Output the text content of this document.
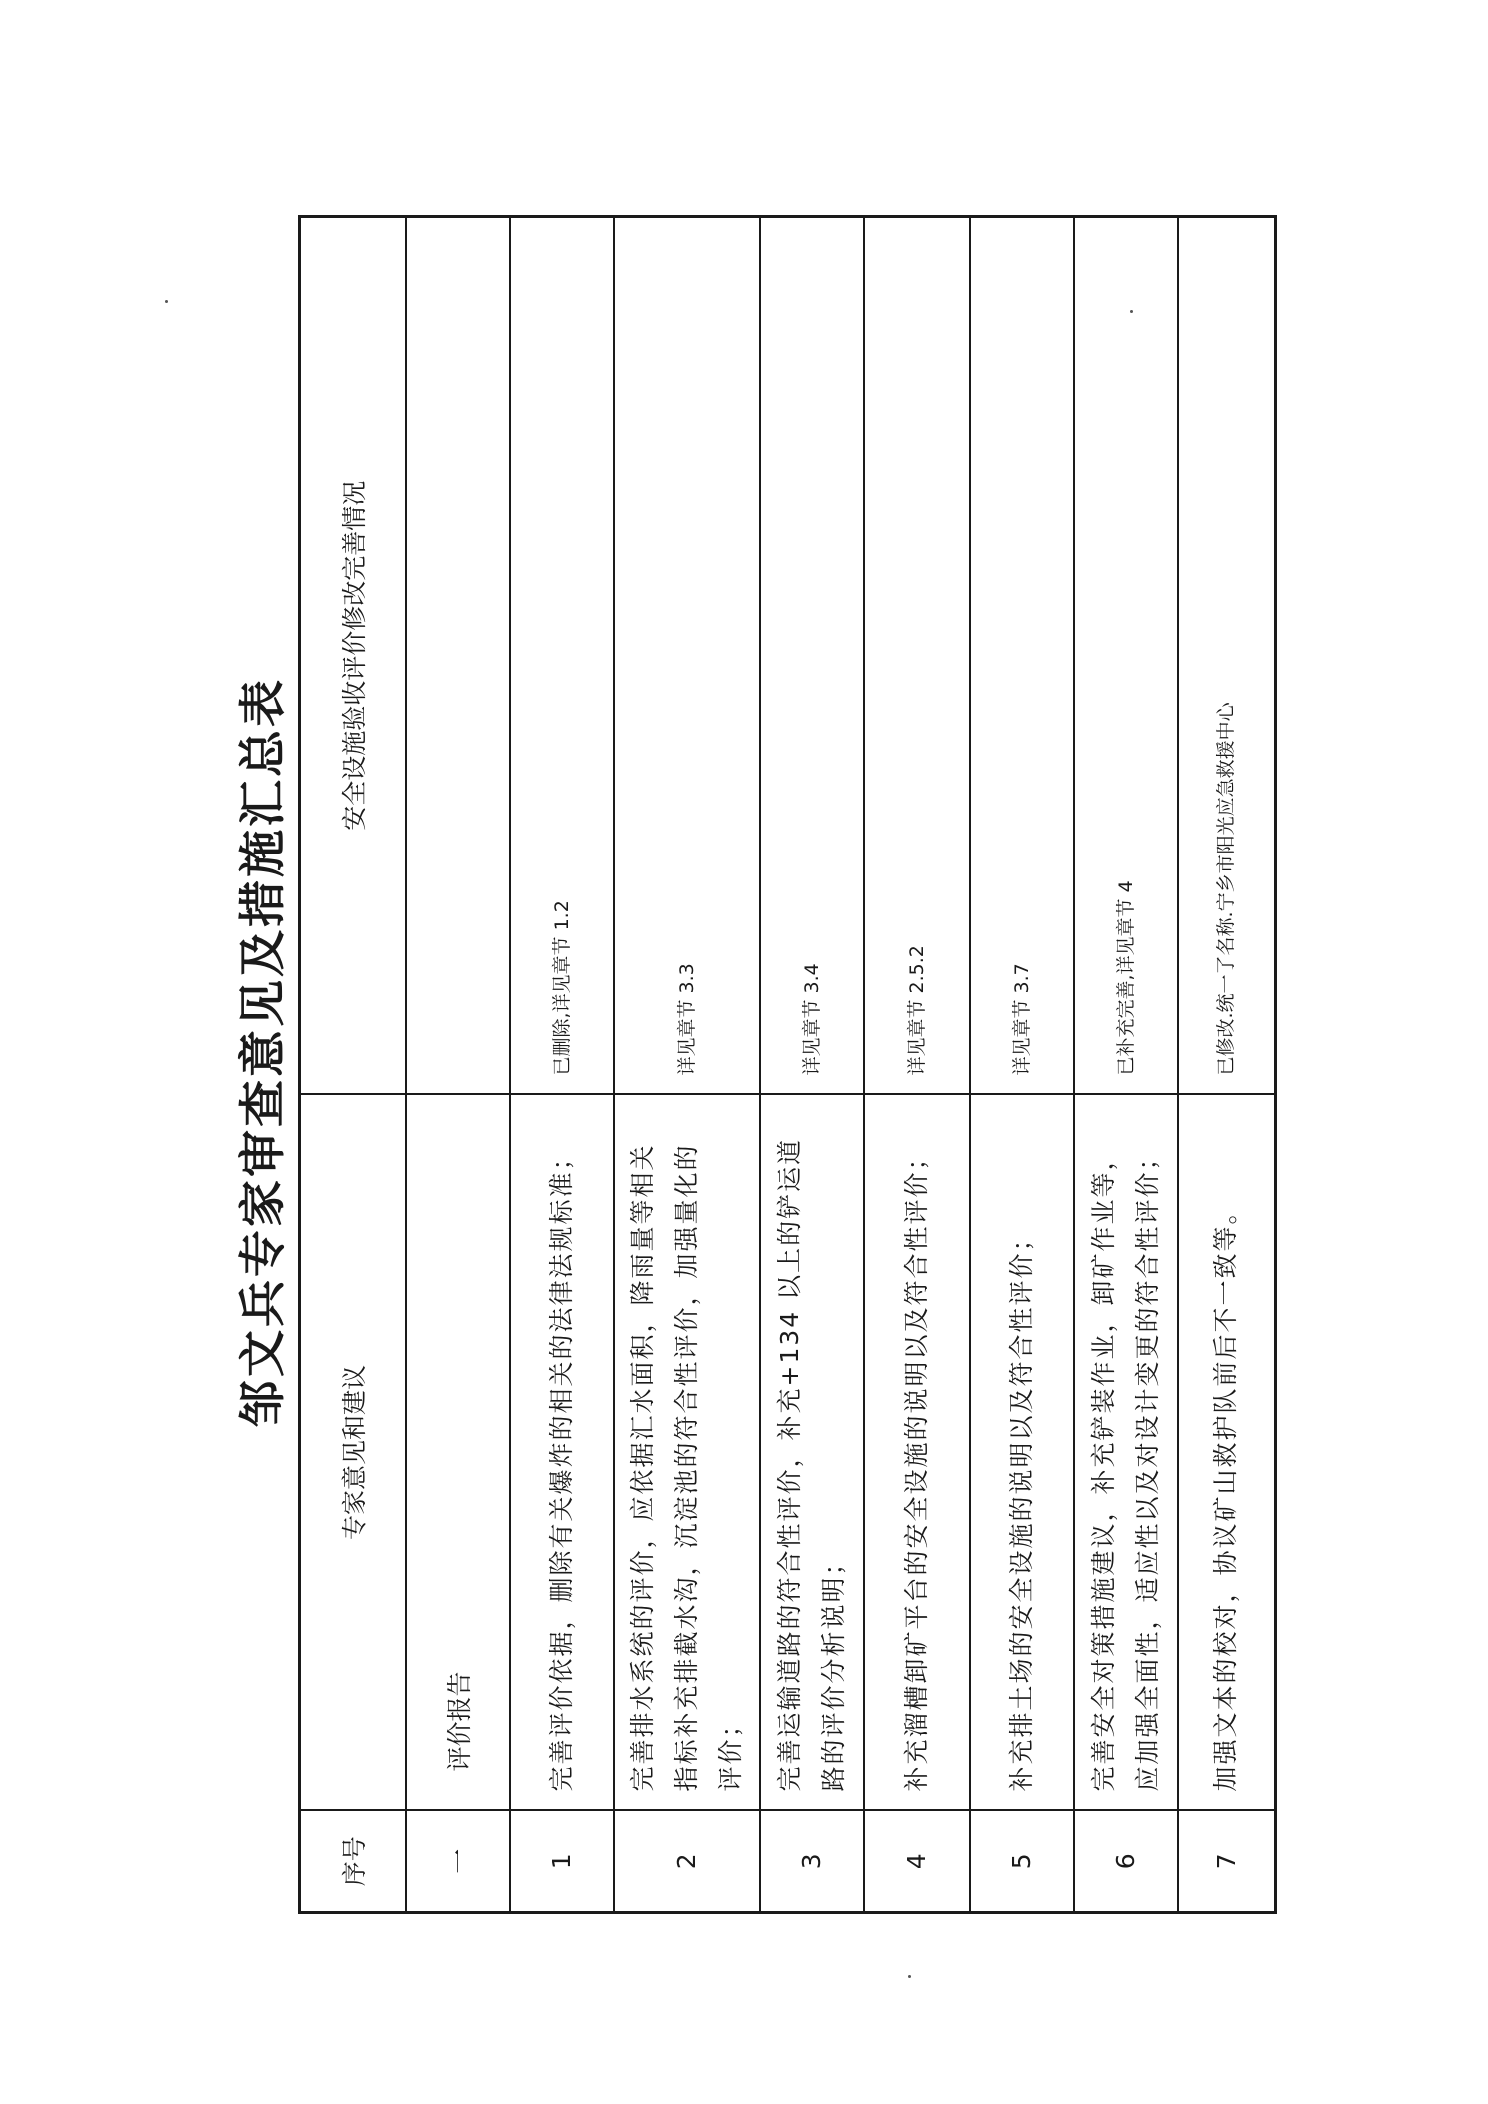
邹文兵专家审查意见及措施汇总表
序号	专家意见和建议	安全设施验收评价修改完善情况
一	评价报告	
1	完善评价依据，删除有关爆炸的相关的法律法规标准；	已删除,详见章节 1.2
2	完善排水系统的评价，应依据汇水面积，降雨量等相关指标补充排截水沟，沉淀池的符合性评价，加强量化的评价；	详见章节 3.3
3	完善运输道路的符合性评价，补充+134 以上的铲运道路的评价分析说明；	详见章节 3.4
4	补充溜槽卸矿平台的安全设施的说明以及符合性评价；	详见章节 2.5.2
5	补充排土场的安全设施的说明以及符合性评价；	详见章节 3.7
6	完善安全对策措施建议，补充铲装作业，卸矿作业等，应加强全面性，适应性以及对设计变更的符合性评价；	已补充完善,详见章节 4
7	加强文本的校对，协议矿山救护队前后不一致等。	已修改.统一了名称.宁乡市阳光应急救援中心
